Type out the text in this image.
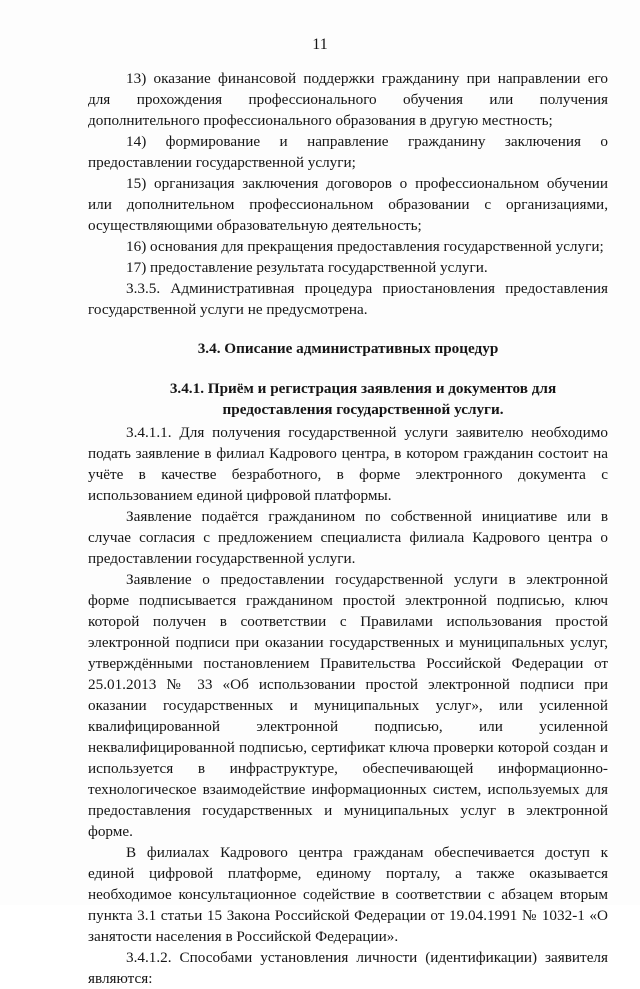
11

13) оказание финансовой поддержки гражданину при направлении его для прохождения профессионального обучения или получения дополнительного профессионального образования в другую местность;

14) формирование и направление гражданину заключения о предоставлении государственной услуги;

15) организация заключения договоров о профессиональном обучении или дополнительном профессиональном образовании с организациями, осуществляющими образовательную деятельность;

16) основания для прекращения предоставления государственной услуги;

17) предоставление результата государственной услуги.

3.3.5. Административная процедура приостановления предоставления государственной услуги не предусмотрена.

3.4. Описание административных процедур
3.4.1. Приём и регистрация заявления и документов для предоставления государственной услуги.

3.4.1.1. Для получения государственной услуги заявителю необходимо подать заявление в филиал Кадрового центра, в котором гражданин состоит на учёте в качестве безработного, в форме электронного документа с использованием единой цифровой платформы.

Заявление подаётся гражданином по собственной инициативе или в случае согласия с предложением специалиста филиала Кадрового центра о предоставлении государственной услуги.

Заявление о предоставлении государственной услуги в электронной форме подписывается гражданином простой электронной подписью, ключ которой получен в соответствии с Правилами использования простой электронной подписи при оказании государственных и муниципальных услуг, утверждёнными постановлением Правительства Российской Федерации от 25.01.2013 № 33 «Об использовании простой электронной подписи при оказании государственных и муниципальных услуг», или усиленной квалифицированной электронной подписью, или усиленной неквалифицированной подписью, сертификат ключа проверки которой создан и используется в инфраструктуре, обеспечивающей информационно-технологическое взаимодействие информационных систем, используемых для предоставления государственных и муниципальных услуг в электронной форме.

В филиалах Кадрового центра гражданам обеспечивается доступ к единой цифровой платформе, единому порталу, а также оказывается необходимое консультационное содействие в соответствии с абзацем вторым пункта 3.1 статьи 15 Закона Российской Федерации от 19.04.1991 № 1032-1 «О занятости населения в Российской Федерации».

3.4.1.2. Способами установления личности (идентификации) заявителя являются:
